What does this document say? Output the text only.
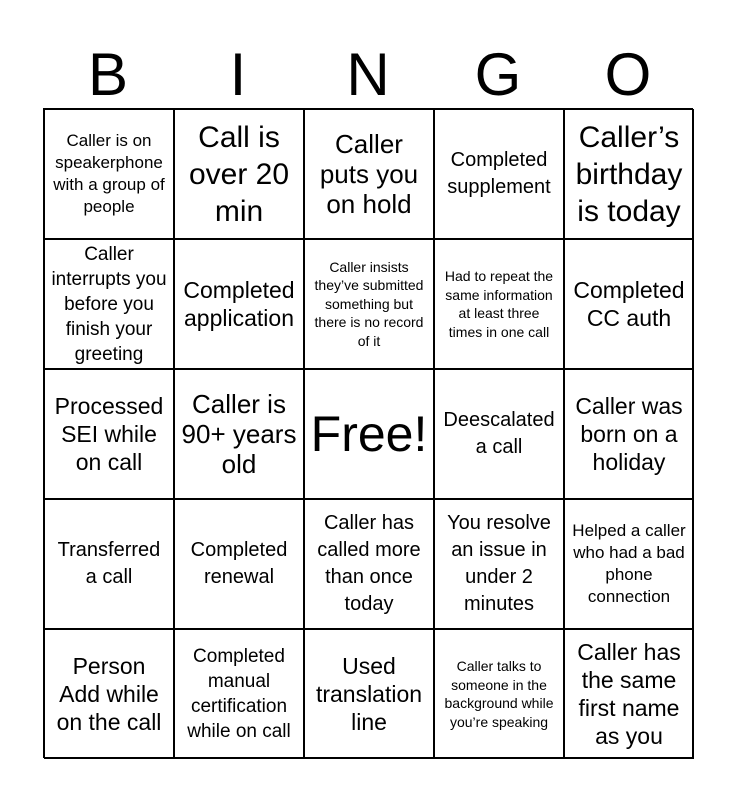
B	I	N	G	O
Caller is on speakerphone with a group of people
Call is over 20 min
Caller puts you on hold
Completed supplement
Caller’s birthday is today
Caller interrupts you before you finish your greeting
Completed application
Caller insists they’ve submitted something but there is no record of it
Had to repeat the same information at least three times in one call
Completed CC auth
Processed SEI while on call
Caller is 90+ years old
Free! Deescalated a call
Caller was born on a holiday
Transferred a call
Completed renewal
Caller has called more than once today
You resolve an issue in under 2 minutes
Helped a caller who had a bad phone connection
Person Add while on the call
Completed manual certification while on call
Used translation line
Caller talks to someone in the background while you’re speaking
Caller has the same first name as you
